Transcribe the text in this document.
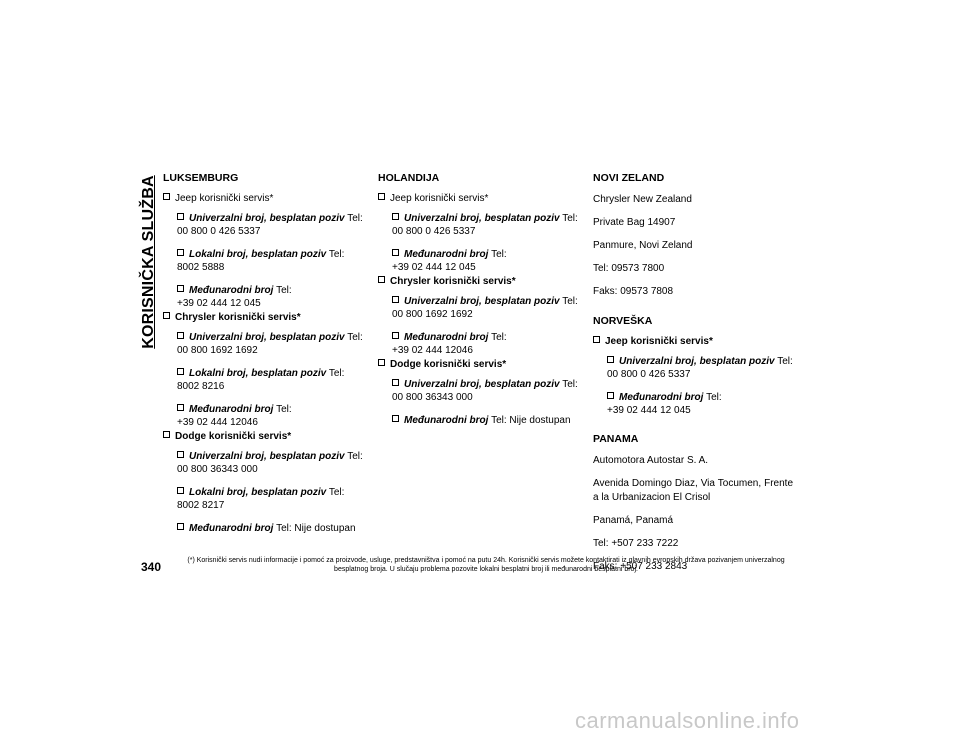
KORISNIČKA SLUŽBA LUKSEMBURG
Jeep korisnički servis*
Univerzalni broj, besplatan poziv Tel:
00 800 0 426 5337
Lokalni broj, besplatan poziv Tel:
8002 5888
Međunarodni broj Tel:
+39 02 444 12 045
Chrysler korisnički servis*
Univerzalni broj, besplatan poziv Tel:
00 800 1692 1692
Lokalni broj, besplatan poziv Tel:
8002 8216
Međunarodni broj Tel:
+39 02 444 12046
Dodge korisnički servis*
Univerzalni broj, besplatan poziv Tel:
00 800 36343 000
Lokalni broj, besplatan poziv Tel:
8002 8217
Međunarodni broj Tel: Nije dostupan
HOLANDIJA
Jeep korisnički servis*
Univerzalni broj, besplatan poziv Tel:
00 800 0 426 5337
Međunarodni broj Tel:
+39 02 444 12 045
Chrysler korisnički servis*
Univerzalni broj, besplatan poziv Tel:
00 800 1692 1692
Međunarodni broj Tel:
+39 02 444 12046
Dodge korisnički servis*
Univerzalni broj, besplatan poziv Tel:
00 800 36343 000
Međunarodni broj Tel: Nije dostupan
NOVI ZELAND
Chrysler New Zealand
Private Bag 14907
Panmure, Novi Zeland
Tel: 09573 7800
Faks: 09573 7808
NORVEŠKA
Jeep korisnički servis*
Univerzalni broj, besplatan poziv Tel:
00 800 0 426 5337
Međunarodni broj Tel:
+39 02 444 12 045
PANAMA
Automotora Autostar S. A.
Avenida Domingo Diaz, Via Tocumen, Frente a la Urbanizacion El Crisol
Panamá, Panamá
Tel: +507 233 7222
Faks: +507 233 2843
340	(*) Korisnički servis nudi informacije i pomoć za proizvode, usluge, predstavništva i pomoć na putu 24h. Korisnički servis možete kontaktirati iz glavnih evropskih država pozivanjem univerzalnog besplatnog broja. U slučaju problema pozovite lokalni besplatni broj ili međunarodni besplatni broj.
carmanualsonline.info
